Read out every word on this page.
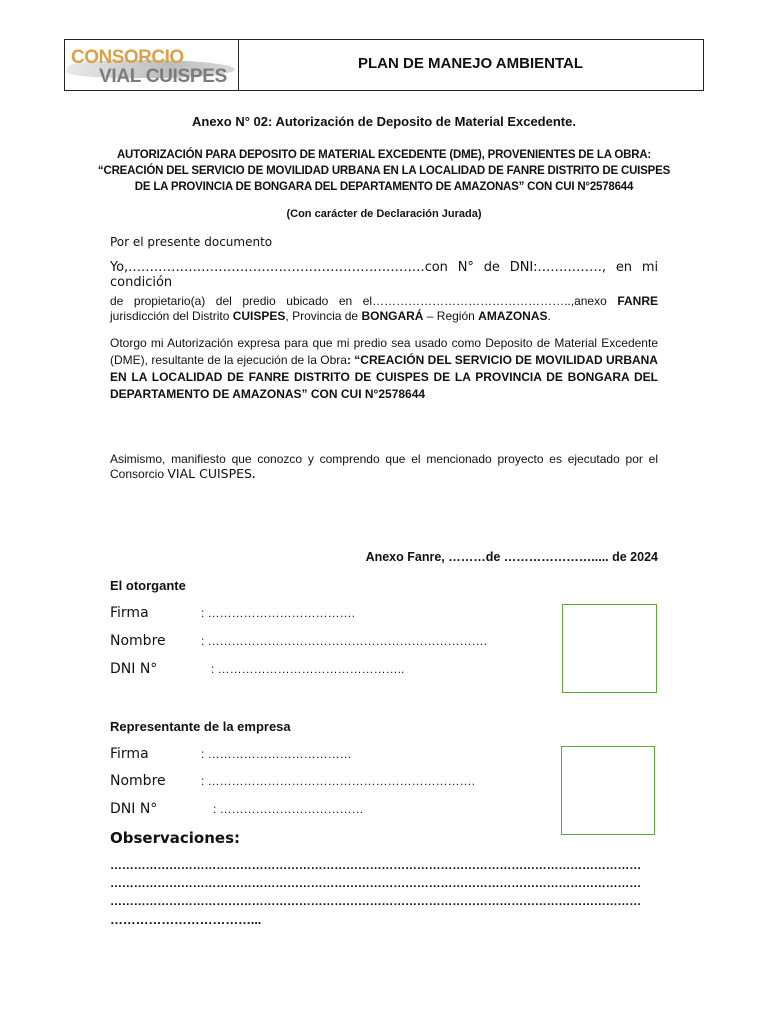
CONSORCIO
VIAL CUISPES
PLAN DE MANEJO AMBIENTAL
Anexo N° 02: Autorización de Deposito de Material Excedente.
AUTORIZACIÓN PARA DEPOSITO DE MATERIAL EXCEDENTE (DME), PROVENIENTES DE LA OBRA:
“CREACIÓN DEL SERVICIO DE MOVILIDAD URBANA EN LA LOCALIDAD DE FANRE DISTRITO DE CUISPES
DE LA PROVINCIA DE BONGARA DEL DEPARTAMENTO DE AMAZONAS” CON CUI N°2578644
(Con carácter de Declaración Jurada)
Por el presente documento
Yo,……………………………………………………………con N° de DNI:……………, en mi
condición
de propietario(a) del predio ubicado en el…………………………………………..,anexo FANRE
jurisdicción del Distrito CUISPES, Provincia de BONGARÁ – Región AMAZONAS.
Otorgo mi Autorización expresa para que mi predio sea usado como Deposito de Material Excedente (DME), resultante de la ejecución de la Obra: “CREACIÓN DEL SERVICIO DE MOVILIDAD URBANA EN LA LOCALIDAD DE FANRE DISTRITO DE CUISPES DE LA PROVINCIA DE BONGARA DEL DEPARTAMENTO DE AMAZONAS” CON CUI N°2578644
Asimismo, manifiesto que conozco y comprendo que el mencionado proyecto es ejecutado por el
Consorcio VIAL CUISPES.
Anexo Fanre, ………de …………………..... de 2024
El otorgante
Firma	: ……………………………….
Nombre	: …………………………………………………………….
DNI N°	: ………………………………………..
Representante de la empresa
Firma	: ………………………………
Nombre	: ………………………………………………………….
DNI N°	: ………………………………
Observaciones:
………………………………………………………………………………………………………………………
………………………………………………………………………………………………………………………
………………………………………………………………………………………………………………………
……………………………...
